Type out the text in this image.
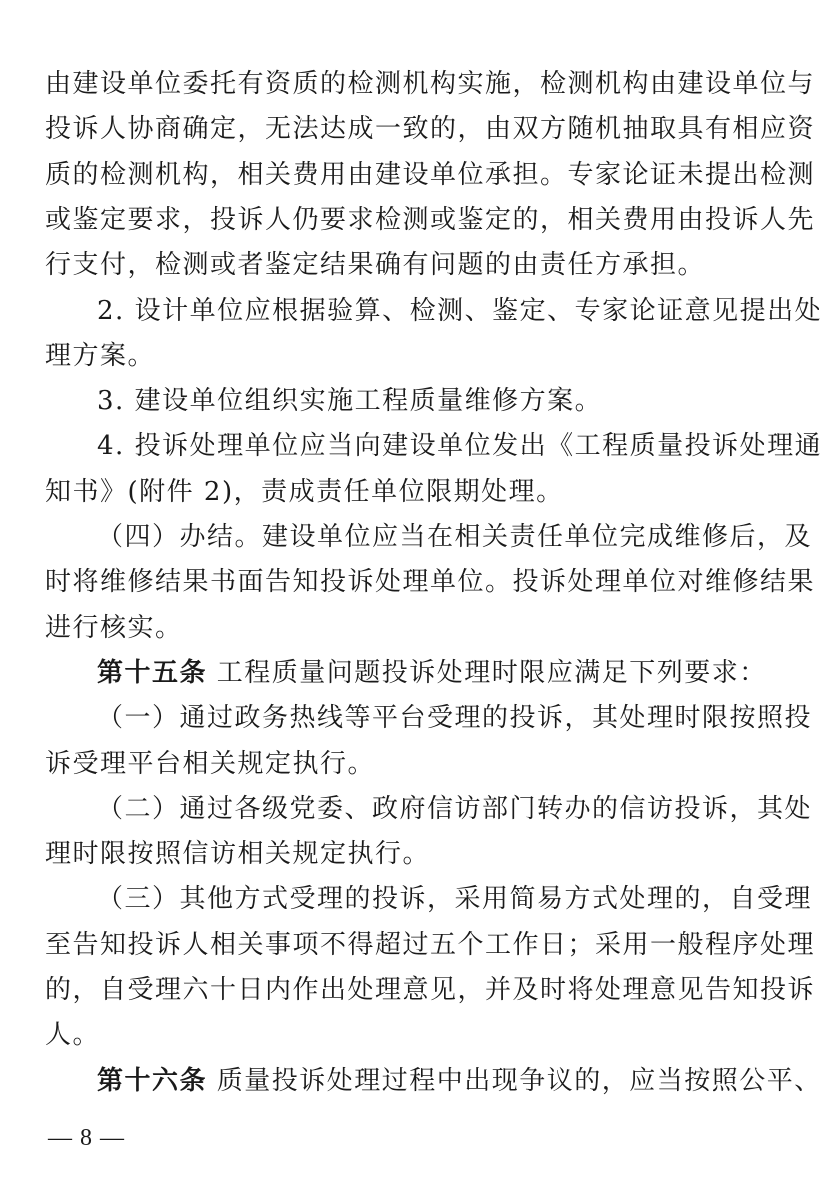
由建设单位委托有资质的检测机构实施，检测机构由建设单位与
投诉人协商确定，无法达成一致的，由双方随机抽取具有相应资
质的检测机构，相关费用由建设单位承担。专家论证未提出检测
或鉴定要求，投诉人仍要求检测或鉴定的，相关费用由投诉人先
行支付，检测或者鉴定结果确有问题的由责任方承担。
2. 设计单位应根据验算、检测、鉴定、专家论证意见提出处
理方案。
3. 建设单位组织实施工程质量维修方案。
4. 投诉处理单位应当向建设单位发出《工程质量投诉处理通
知书》(附件 2)，责成责任单位限期处理。
（四）办结。建设单位应当在相关责任单位完成维修后，及
时将维修结果书面告知投诉处理单位。投诉处理单位对维修结果
进行核实。
第十五条 工程质量问题投诉处理时限应满足下列要求：
（一）通过政务热线等平台受理的投诉，其处理时限按照投
诉受理平台相关规定执行。
（二）通过各级党委、政府信访部门转办的信访投诉，其处
理时限按照信访相关规定执行。
（三）其他方式受理的投诉，采用简易方式处理的，自受理
至告知投诉人相关事项不得超过五个工作日；采用一般程序处理
的，自受理六十日内作出处理意见，并及时将处理意见告知投诉
人。
第十六条 质量投诉处理过程中出现争议的，应当按照公平、
— 8 —
